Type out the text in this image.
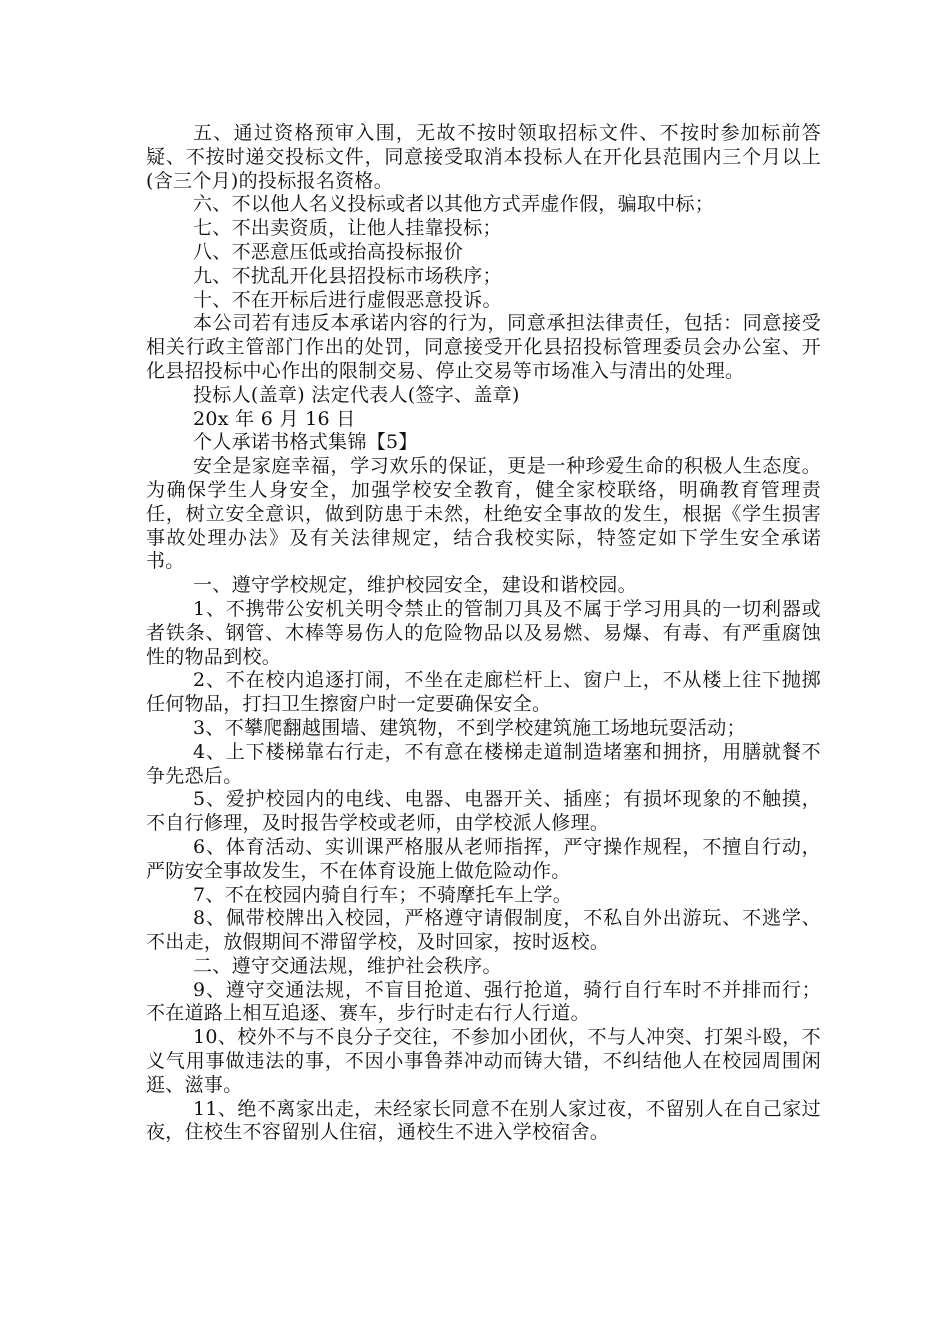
五、通过资格预审入围，无故不按时领取招标文件、不按时参加标前答疑、不按时递交投标文件，同意接受取消本投标人在开化县范围内三个月以上(含三个月)的投标报名资格。

六、不以他人名义投标或者以其他方式弄虚作假，骗取中标；

七、不出卖资质，让他人挂靠投标；

八、不恶意压低或抬高投标报价

九、不扰乱开化县招投标市场秩序；

十、不在开标后进行虚假恶意投诉。

本公司若有违反本承诺内容的行为，同意承担法律责任，包括：同意接受相关行政主管部门作出的处罚，同意接受开化县招投标管理委员会办公室、开化县招投标中心作出的限制交易、停止交易等市场准入与清出的处理。

投标人(盖章) 法定代表人(签字、盖章)

20x 年 6 月 16 日

个人承诺书格式集锦【5】

安全是家庭幸福，学习欢乐的保证，更是一种珍爱生命的积极人生态度。为确保学生人身安全，加强学校安全教育，健全家校联络，明确教育管理责任，树立安全意识，做到防患于未然，杜绝安全事故的发生，根据《学生损害事故处理办法》及有关法律规定，结合我校实际，特签定如下学生安全承诺书。

一、遵守学校规定，维护校园安全，建设和谐校园。

1、不携带公安机关明令禁止的管制刀具及不属于学习用具的一切利器或者铁条、钢管、木棒等易伤人的危险物品以及易燃、易爆、有毒、有严重腐蚀性的物品到校。

2、不在校内追逐打闹，不坐在走廊栏杆上、窗户上，不从楼上往下抛掷任何物品，打扫卫生擦窗户时一定要确保安全。

3、不攀爬翻越围墙、建筑物，不到学校建筑施工场地玩耍活动；

4、上下楼梯靠右行走，不有意在楼梯走道制造堵塞和拥挤，用膳就餐不争先恐后。

5、爱护校园内的电线、电器、电器开关、插座；有损坏现象的不触摸，不自行修理，及时报告学校或老师，由学校派人修理。

6、体育活动、实训课严格服从老师指挥，严守操作规程，不擅自行动，严防安全事故发生，不在体育设施上做危险动作。

7、不在校园内骑自行车；不骑摩托车上学。

8、佩带校牌出入校园，严格遵守请假制度，不私自外出游玩、不逃学、不出走，放假期间不滞留学校，及时回家，按时返校。

二、遵守交通法规，维护社会秩序。

9、遵守交通法规，不盲目抢道、强行抢道，骑行自行车时不并排而行；不在道路上相互追逐、赛车，步行时走右行人行道。

10、校外不与不良分子交往，不参加小团伙，不与人冲突、打架斗殴，不义气用事做违法的事，不因小事鲁莽冲动而铸大错，不纠结他人在校园周围闲逛、滋事。

11、绝不离家出走，未经家长同意不在别人家过夜，不留别人在自己家过夜，住校生不容留别人住宿，通校生不进入学校宿舍。
